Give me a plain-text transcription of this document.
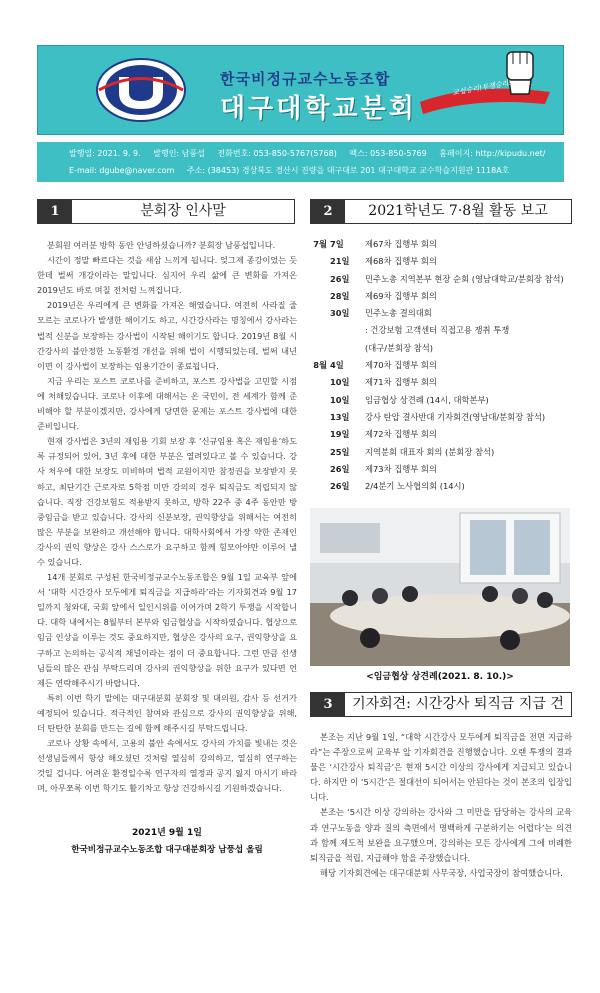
한국비정규교수노동조합
대구대학교분회
교섭승리!투쟁승리!
발행일: 2021. 9. 9. 발행인: 남풍섭 전화번호: 053-850-5767(5768) 팩스: 053-850-5769 홈페이지: http://kipudu.net/
E-mail: dgube@naver.com 주소: (38453) 경상북도 경산시 진량읍 대구대로 201 대구대학교 교수학습지원관 1118A호
1	분회장 인사말

분회원 여러분 방학 동안 안녕하셨습니까? 분회장 남풍섭입니다.

시간이 정말 빠르다는 것을 새삼 느끼게 됩니다. 엊그제 종강이었는 듯한데 벌써 개강이라는 말입니다. 심지어 우리 삶에 큰 변화를 가져온 2019년도 바로 며칠 전처럼 느껴집니다.

2019년은 우리에게 큰 변화를 가져온 해였습니다. 여전히 사라질 줄 모르는 코로나가 발생한 해이기도 하고, 시간강사라는 명칭에서 강사라는 법적 신분을 보장하는 강사법이 시작된 해이기도 합니다. 2019년 8월 시간강사의 불안정한 노동환경 개선을 위해 법이 시행되었는데, 벌써 내년이면 이 강사법이 보장하는 임용기간이 종료됩니다.

지금 우리는 포스트 코로나를 준비하고, 포스트 강사법을 고민할 시점에 처해있습니다. 코로나 이후에 대해서는 온 국민이, 전 세계가 함께 준비해야 할 부분이겠지만, 강사에게 당면한 문제는 포스트 강사법에 대한 준비입니다.

현재 강사법은 3년의 재임용 기회 보장 후 ‘신규임용 혹은 재임용’하도록 규정되어 있어, 3년 후에 대한 부분은 열려있다고 볼 수 있습니다. 강사 처우에 대한 보장도 미비하며 법적 교원이지만 참정권을 보장받지 못하고, 최단기간 근로자로 5학점 미만 강의의 경우 퇴직금도 적립되지 않습니다. 직장 건강보험도 적용받지 못하고, 방학 22주 중 4주 동안만 방중임금을 받고 있습니다. 강사의 신분보장, 권익향상을 위해서는 여전히 많은 부분을 보완하고 개선해야 합니다. 대학사회에서 가장 약한 존재인 강사의 권익 향상은 강사 스스로가 요구하고 함께 힘모아야만 이루어 낼 수 있습니다.

14개 분회로 구성된 한국비정규교수노동조합은 9월 1일 교육부 앞에서 ‘대학 시간강사 모두에게 퇴직금을 지급하라’라는 기자회견과 9월 17일까지 청와대, 국회 앞에서 일인시위를 이어가며 2학기 투쟁을 시작합니다. 대학 내에서는 8월부터 본부와 임금협상을 시작하였습니다. 협상으로 임금 인상을 이루는 것도 중요하지만, 협상은 강사의 요구, 권익향상을 요구하고 논의하는 공식적 채널이라는 점이 더 중요합니다. 그런 만큼 선생님들의 많은 관심 부탁드리며 강사의 권익향상을 위한 요구가 있다면 언제든 연락해주시기 바랍니다.

특히 이번 학기 말에는 대구대분회 분회장 및 대의원, 감사 등 선거가 예정되어 있습니다. 적극적인 참여와 관심으로 강사의 권익향상을 위해, 더 탄탄한 분회를 만드는 길에 함께 해주시길 부탁드립니다.

코로나 상황 속에서, 고용의 불안 속에서도 강사의 가치를 빛내는 것은 선생님들께서 항상 해오셨던 것처럼 열심히 강의하고, 열심히 연구하는 것일 겁니다. 어려운 환경일수록 연구자의 열정과 공지 잃지 마시기 바라며, 아무쪼록 이번 학기도 활기차고 항상 건강하시길 기원하겠습니다.

2021년 9월 1일
한국비정규교수노동조합 대구대분회장 남풍섭 올림
2	2021학년도 7·8월 활동 보고
7월 7일	제67차 집행부 회의
21일	제68차 집행부 회의
26일	민주노총 지역본부 현장 순회 (영남대학교/분회장 참석)
28일	제69차 집행부 회의
30일	민주노총 결의대회
: 건강보험 고객센터 직접고용 쟁취 투쟁
(대구/분회장 참석)
8월 4일	제70차 집행부 회의
10일	제71차 집행부 회의
10일	임금협상 상견례 (14시, 대학본부)
13일	강사 탄압 결사반대 기자회견(영남대/분회장 참석)
19일	제72차 집행부 회의
25일	지역분회 대표자 회의 (분회장 참석)
26일	제73차 집행부 회의
26일	2/4분기 노사협의회 (14시)
<임금협상 상견례(2021. 8. 10.)>
3	기자회견: 시간강사 퇴직금 지급 건

본조는 지난 9월 1일, “대학 시간강사 모두에게 퇴직금을 전면 지급하라”는 주장으로써 교육부 앞 기자회견을 진행했습니다. 오랜 투쟁의 결과물은 ‘시간강사 퇴직금’은 현재 5시간 이상의 강사에게 지급되고 있습니다. 하지만 이 ‘5시간’은 절대선이 되어서는 안된다는 것이 본조의 입장입니다.

본조는 ‘5시간 이상 강의하는 강사와 그 미만을 담당하는 강사의 교육과 연구노동을 양과 질의 측면에서 명백하게 구분하기는 어렵다’는 의견과 함께 제도적 보완을 요구했으며, 강의하는 모든 강사에게 그에 비례한 퇴직금을 적립, 지급해야 함을 주장했습니다.

해당 기자회견에는 대구대분회 사무국장, 사업국장이 참여했습니다.
